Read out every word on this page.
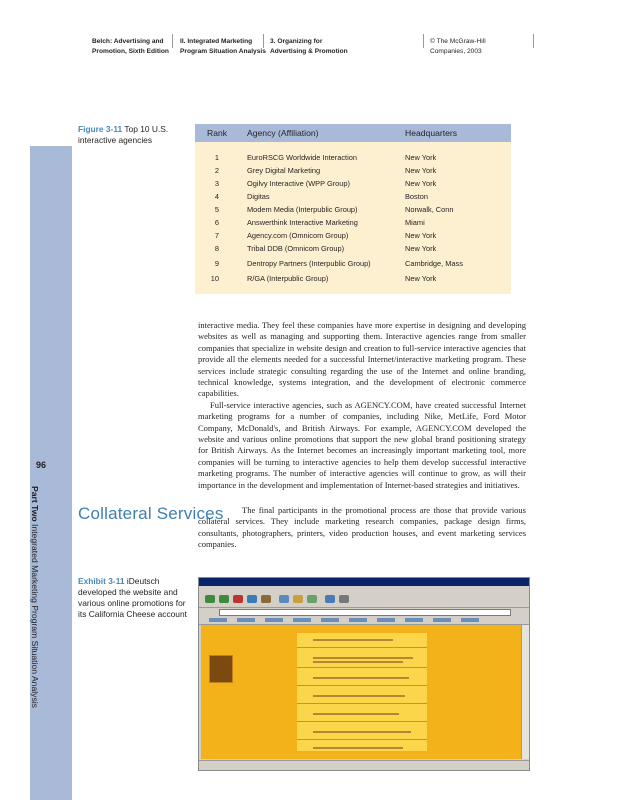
Belch: Advertising and
Promotion, Sixth Edition
II. Integrated Marketing
Program Situation Analysis
3. Organizing for
Advertising & Promotion
© The McGraw-Hill
Companies, 2003
96
Part Two Integrated Marketing Program Situation Analysis
Figure 3-11 Top 10 U.S. interactive agencies
Rank Agency (Affiliation)	Headquarters
1	EuroRSCG Worldwide Interaction	New York
2	Grey Digital Marketing	New York
3	Ogilvy Interactive (WPP Group)	New York
4	Digitas	Boston
5	Modem Media (Interpublic Group)	Norwalk, Conn
6	Answerthink Interactive Marketing	Miami
7	Agency.com (Omnicom Group)	New York
8	Tribal DDB (Omnicom Group)	New York
9	Dentropy Partners (Interpublic Group)	Cambridge, Mass
10	R/GA (Interpublic Group)	New York

interactive media. They feel these companies have more expertise in designing and developing websites as well as managing and supporting them. Interactive agencies range from smaller companies that specialize in website design and creation to full-service interactive agencies that provide all the elements needed for a successful Internet/interactive marketing program. These services include strategic consulting regarding the use of the Internet and online branding, technical knowledge, systems integration, and the development of electronic commerce capabilities.

Full-service interactive agencies, such as AGENCY.COM, have created successful Internet marketing programs for a number of companies, including Nike, MetLife, Ford Motor Company, McDonald's, and British Airways. For example, AGENCY.COM developed the website and various online promotions that support the new global brand positioning strategy for British Airways. As the Internet becomes an increasingly important marketing tool, more companies will be turning to interactive agencies to help them develop successful interactive marketing programs. The number of interactive agencies will continue to grow, as will their importance in the development and implementation of Internet-based strategies and initiatives.

Collateral Services	The final participants in the promotional process are those that provide various collateral services. They include marketing research companies, package design firms, consultants, photographers, printers, video production houses, and event marketing services companies.
Exhibit 3-11 iDeutsch developed the website and various online promotions for its California Cheese account
